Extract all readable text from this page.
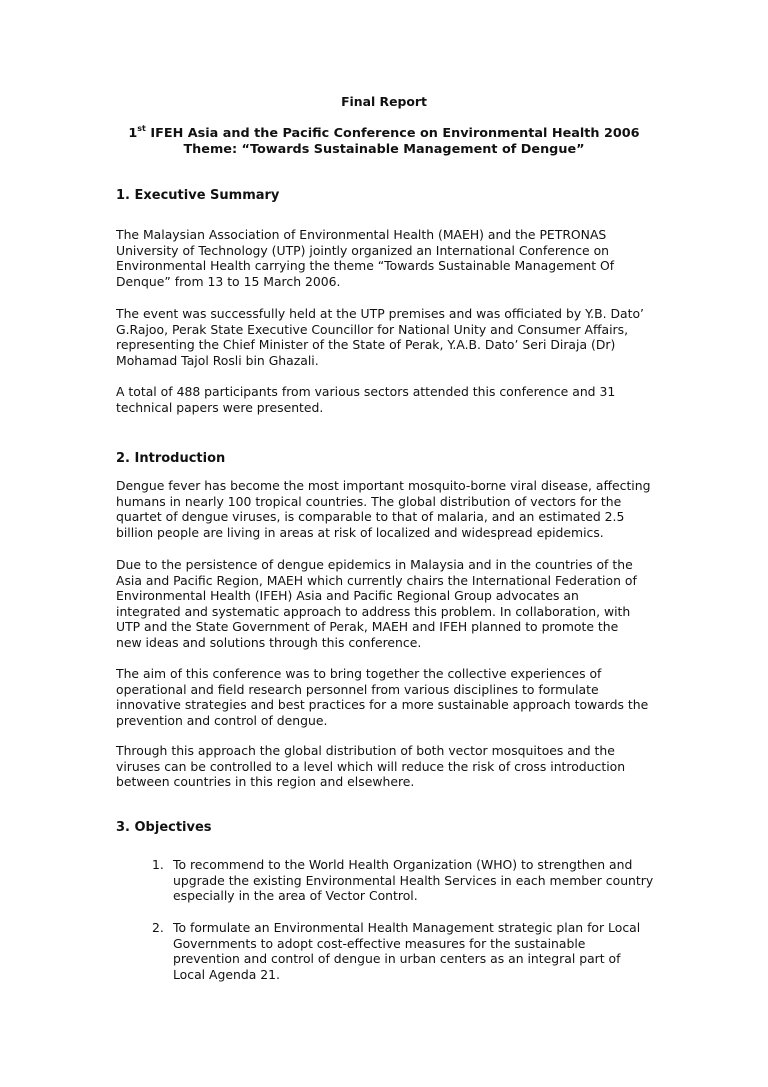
Final Report
1st IFEH Asia and the Pacific Conference on Environmental Health 2006
Theme: “Towards Sustainable Management of Dengue”
1. Executive Summary
The Malaysian Association of Environmental Health (MAEH) and the PETRONAS
University of Technology (UTP) jointly organized an International Conference on
Environmental Health carrying the theme “Towards Sustainable Management Of
Denque” from 13 to 15 March 2006.
The event was successfully held at the UTP premises and was officiated by Y.B. Dato’
G.Rajoo, Perak State Executive Councillor for National Unity and Consumer Affairs,
representing the Chief Minister of the State of Perak, Y.A.B. Dato’ Seri Diraja (Dr)
Mohamad Tajol Rosli bin Ghazali.
A total of 488 participants from various sectors attended this conference and 31
technical papers were presented.
2. Introduction
Dengue fever has become the most important mosquito-borne viral disease, affecting
humans in nearly 100 tropical countries. The global distribution of vectors for the
quartet of dengue viruses, is comparable to that of malaria, and an estimated 2.5
billion people are living in areas at risk of localized and widespread epidemics.
Due to the persistence of dengue epidemics in Malaysia and in the countries of the
Asia and Pacific Region, MAEH which currently chairs the International Federation of
Environmental Health (IFEH) Asia and Pacific Regional Group advocates an
integrated and systematic approach to address this problem. In collaboration, with
UTP and the State Government of Perak, MAEH and IFEH planned to promote the
new ideas and solutions through this conference.
The aim of this conference was to bring together the collective experiences of
operational and field research personnel from various disciplines to formulate
innovative strategies and best practices for a more sustainable approach towards the
prevention and control of dengue.
Through this approach the global distribution of both vector mosquitoes and the
viruses can be controlled to a level which will reduce the risk of cross introduction
between countries in this region and elsewhere.
3. Objectives
1. To recommend to the World Health Organization (WHO) to strengthen and
upgrade the existing Environmental Health Services in each member country
especially in the area of Vector Control.
2. To formulate an Environmental Health Management strategic plan for Local
Governments to adopt cost-effective measures for the sustainable
prevention and control of dengue in urban centers as an integral part of
Local Agenda 21.
